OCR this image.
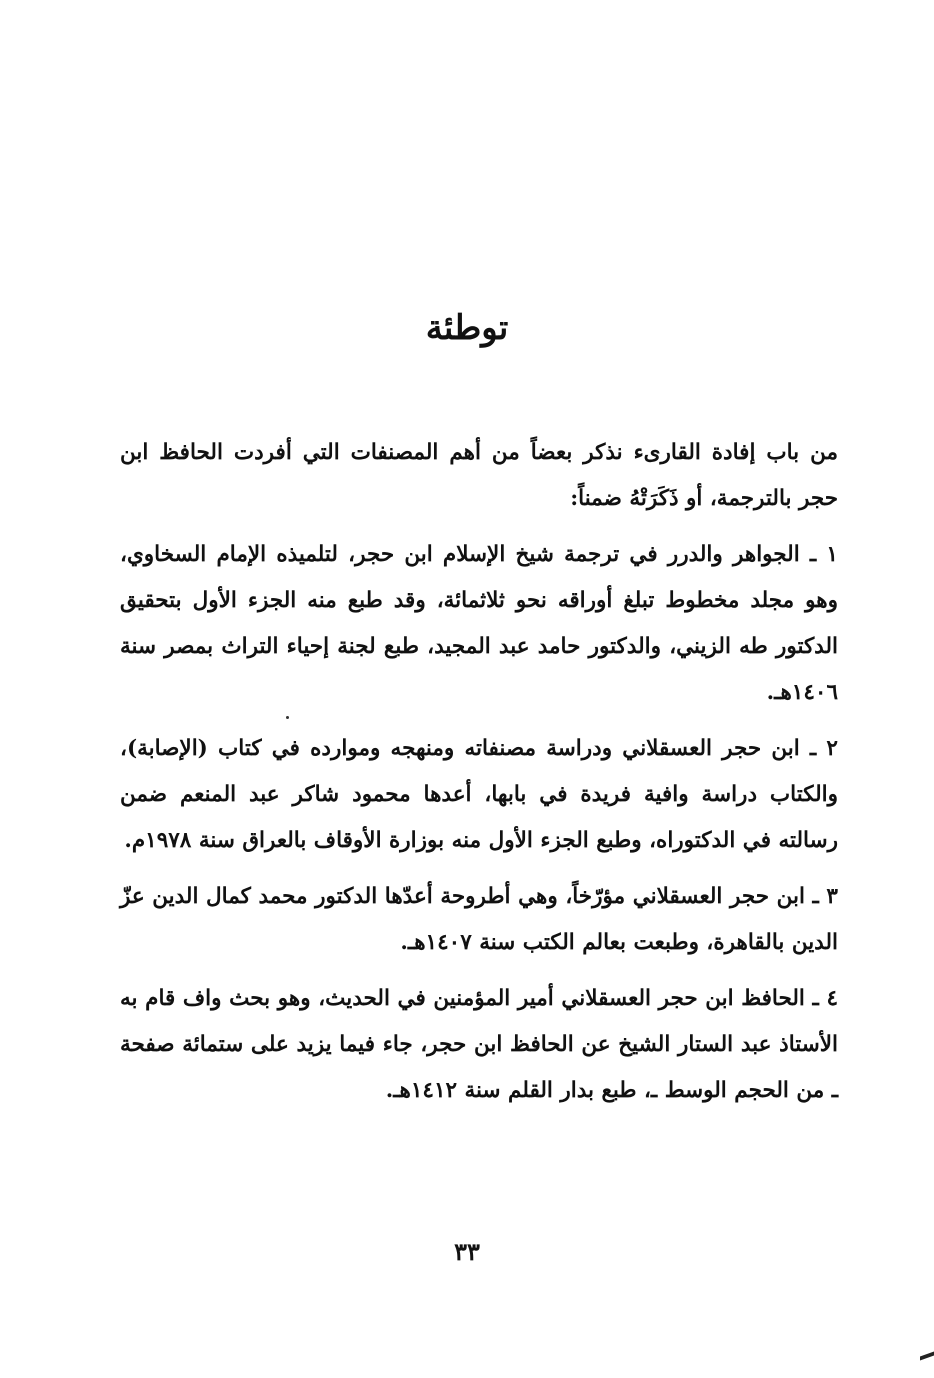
توطئة

من باب إفادة القارىء نذكر بعضاً من أهم المصنفات التي أفردت الحافظ ابن حجر بالترجمة، أو ذَكَرَتْهُ ضمناً:

١ ـ الجواهر والدرر في ترجمة شيخ الإسلام ابن حجر، لتلميذه الإمام السخاوي، وهو مجلد مخطوط تبلغ أوراقه نحو ثلاثمائة، وقد طبع منه الجزء الأول بتحقيق الدكتور طه الزيني، والدكتور حامد عبد المجيد، طبع لجنة إحياء التراث بمصر سنة ١٤٠٦هـ.

٢ ـ ابن حجر العسقلاني ودراسة مصنفاته ومنهجه وموارده في كتاب (الإصابة)، والكتاب دراسة وافية فريدة في بابها، أعدها محمود شاكر عبد المنعم ضمن رسالته في الدكتوراه، وطبع الجزء الأول منه بوزارة الأوقاف بالعراق سنة ١٩٧٨م.

٣ ـ ابن حجر العسقلاني مؤرّخاً، وهي أطروحة أعدّها الدكتور محمد كمال الدين عزّ الدين بالقاهرة، وطبعت بعالم الكتب سنة ١٤٠٧هـ.

٤ ـ الحافظ ابن حجر العسقلاني أمير المؤمنين في الحديث، وهو بحث واف قام به الأستاذ عبد الستار الشيخ عن الحافظ ابن حجر، جاء فيما يزيد على ستمائة صفحة ـ من الحجم الوسط ـ، طبع بدار القلم سنة ١٤١٢هـ.

٣٣
